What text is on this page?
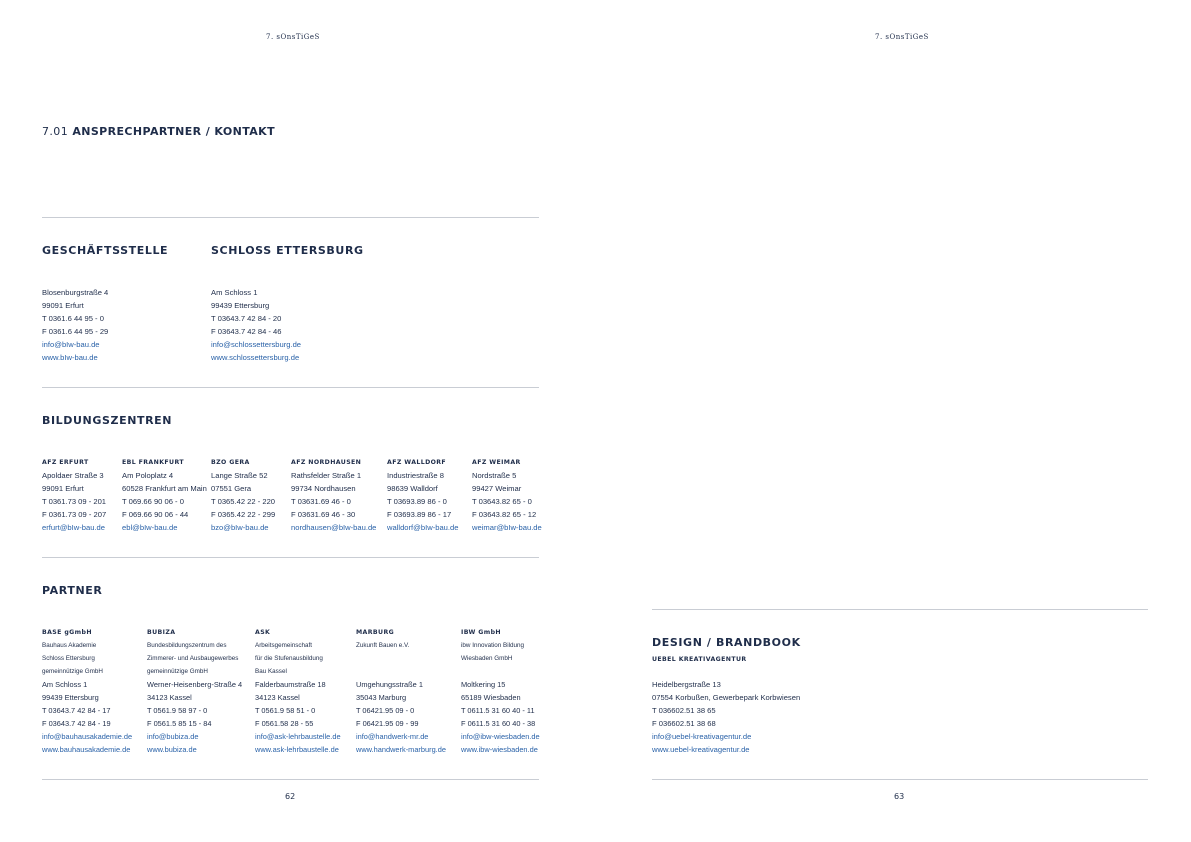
7. sOnsTiGeS
7.01 ANSPRECHPARTNER / KONTAKT
GESCHÄFTSSTELLE
Blosenburgstraße 4
99091 Erfurt
T 0361.6 44 95 - 0
F 0361.6 44 95 - 29
info@bIw-bau.de
www.bIw-bau.de
SCHLOSS ETTERSBURG
Am Schloss 1
99439 Ettersburg
T 03643.7 42 84 - 20
F 03643.7 42 84 - 46
info@schlossettersburg.de
www.schlossettersburg.de
BILDUNGSZENTREN
AFZ ERFURT
Apoldaer Straße 3
99091 Erfurt
T 0361.73 09 - 201
F 0361.73 09 - 207
erfurt@bIw-bau.de
EBL FRANKFURT
Am Poloplatz 4
60528 Frankfurt am Main
T 069.66 90 06 - 0
F 069.66 90 06 - 44
ebl@bIw-bau.de
BZO GERA
Lange Straße 52
07551 Gera
T 0365.42 22 - 220
F 0365.42 22 - 299
bzo@bIw-bau.de
AFZ NORDHAUSEN
Rathsfelder Straße 1
99734 Nordhausen
T 03631.69 46 - 0
F 03631.69 46 - 30
nordhausen@bIw-bau.de
AFZ WALLDORF
Industriestraße 8
98639 Walldorf
T 03693.89 86 - 0
F 03693.89 86 - 17
walldorf@bIw-bau.de
AFZ WEIMAR
Nordstraße 5
99427 Weimar
T 03643.82 65 - 0
F 03643.82 65 - 12
weimar@bIw-bau.de
PARTNER
BASE gGmbH
Bauhaus Akademie
Schloss Ettersburg
gemeinnützige GmbH
Am Schloss 1
99439 Ettersburg
T 03643.7 42 84 - 17
F 03643.7 42 84 - 19
info@bauhausakademie.de
www.bauhausakademie.de
BUBIZA
Bundesbildungszentrum des
Zimmerer- und Ausbaugewerbes
gemeinnützige GmbH
Werner-Heisenberg-Straße 4
34123 Kassel
T 0561.9 58 97 - 0
F 0561.5 85 15 - 84
info@bubiza.de
www.bubiza.de
ASK
Arbeitsgemeinschaft
für die Stufenausbildung
Bau Kassel
Falderbaumstraße 18
34123 Kassel
T 0561.9 58 51 - 0
F 0561.58 28 - 55
info@ask-lehrbaustelle.de
www.ask-lehrbaustelle.de
MARBURG
Zukunft Bauen e.V.
Umgehungsstraße 1
35043 Marburg
T 06421.95 09 - 0
F 06421.95 09 - 99
info@handwerk-mr.de
www.handwerk-marburg.de
IBW GmbH
ibw Innovation Bildung
Wiesbaden GmbH
Moltkering 15
65189 Wiesbaden
T 0611.5 31 60 40 - 11
F 0611.5 31 60 40 - 38
info@ibw-wiesbaden.de
www.ibw-wiesbaden.de
62
7. sOnsTiGeS
DESIGN / BRANDBOOK
UEBEL KREATIVAGENTUR
Heidelbergstraße 13
07554 Korbußen, Gewerbepark Korbwiesen
T 036602.51 38 65
F 036602.51 38 68
info@uebel-kreativagentur.de
www.uebel-kreativagentur.de
63
